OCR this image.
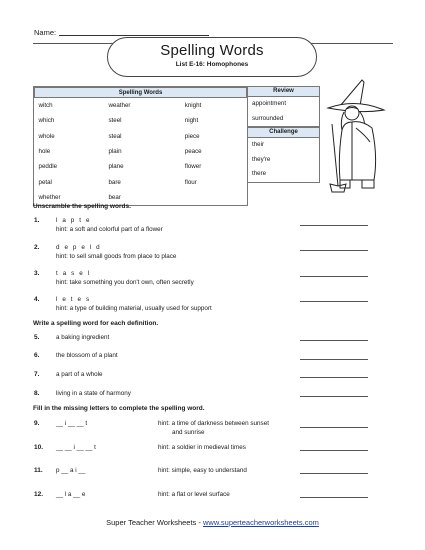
Name:
Spelling Words
List E-16: Homophones
Spelling Words		
witch	weather	knight
which	steel	night
whole	steal	piece
hole	plain	peace
peddle	plane	flower
petal	bare	flour
whether	bear	
Review
appointment
surrounded
Challenge
their
they're
there
Unscramble the spelling words.
1.	l a p t e
hint: a soft and colorful part of a flower
2.	d e p e l d
hint: to sell small goods from place to place
3.	t a s e l
hint: take something you don't own, often secretly
4.	l e t e s
hint: a type of building material, usually used for support
Write a spelling word for each definition.
5.	a baking ingredient
6.	the blossom of a plant
7.	a part of a whole
8.	living in a state of harmony
Fill in the missing letters to complete the spelling word.
9.	__ i __ __ t	hint: a time of darkness between sunset
and sunrise
10. __ __ i __ __ t	hint: a soldier in medieval times
11. p __ a i __	hint: simple, easy to understand
12. __ l a __ e	hint: a flat or level surface
Super Teacher Worksheets - www.superteacherworksheets.com
